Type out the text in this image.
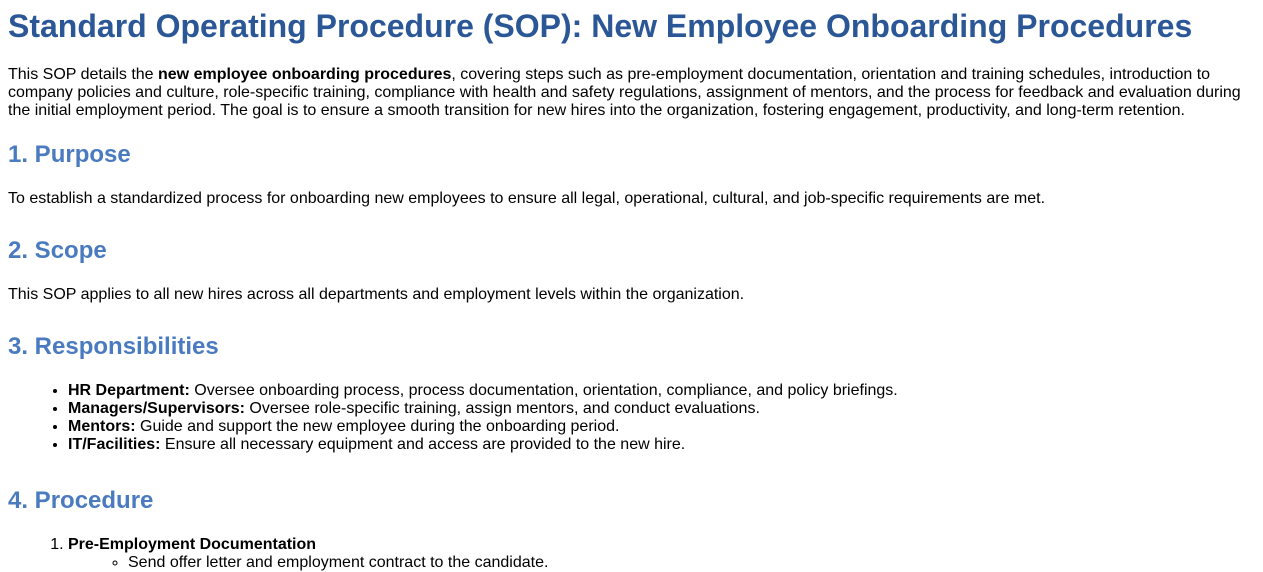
Standard Operating Procedure (SOP): New Employee Onboarding Procedures

This SOP details the new employee onboarding procedures, covering steps such as pre-employment documentation, orientation and training schedules, introduction to company policies and culture, role-specific training, compliance with health and safety regulations, assignment of mentors, and the process for feedback and evaluation during the initial employment period. The goal is to ensure a smooth transition for new hires into the organization, fostering engagement, productivity, and long-term retention.

1. Purpose

To establish a standardized process for onboarding new employees to ensure all legal, operational, cultural, and job-specific requirements are met.

2. Scope

This SOP applies to all new hires across all departments and employment levels within the organization.

3. Responsibilities
• HR Department: Oversee onboarding process, process documentation, orientation, compliance, and policy briefings.
• Managers/Supervisors: Oversee role-specific training, assign mentors, and conduct evaluations.
• Mentors: Guide and support the new employee during the onboarding period.
• IT/Facilities: Ensure all necessary equipment and access are provided to the new hire.
4. Procedure
1. Pre-Employment Documentation
◦ Send offer letter and employment contract to the candidate.
